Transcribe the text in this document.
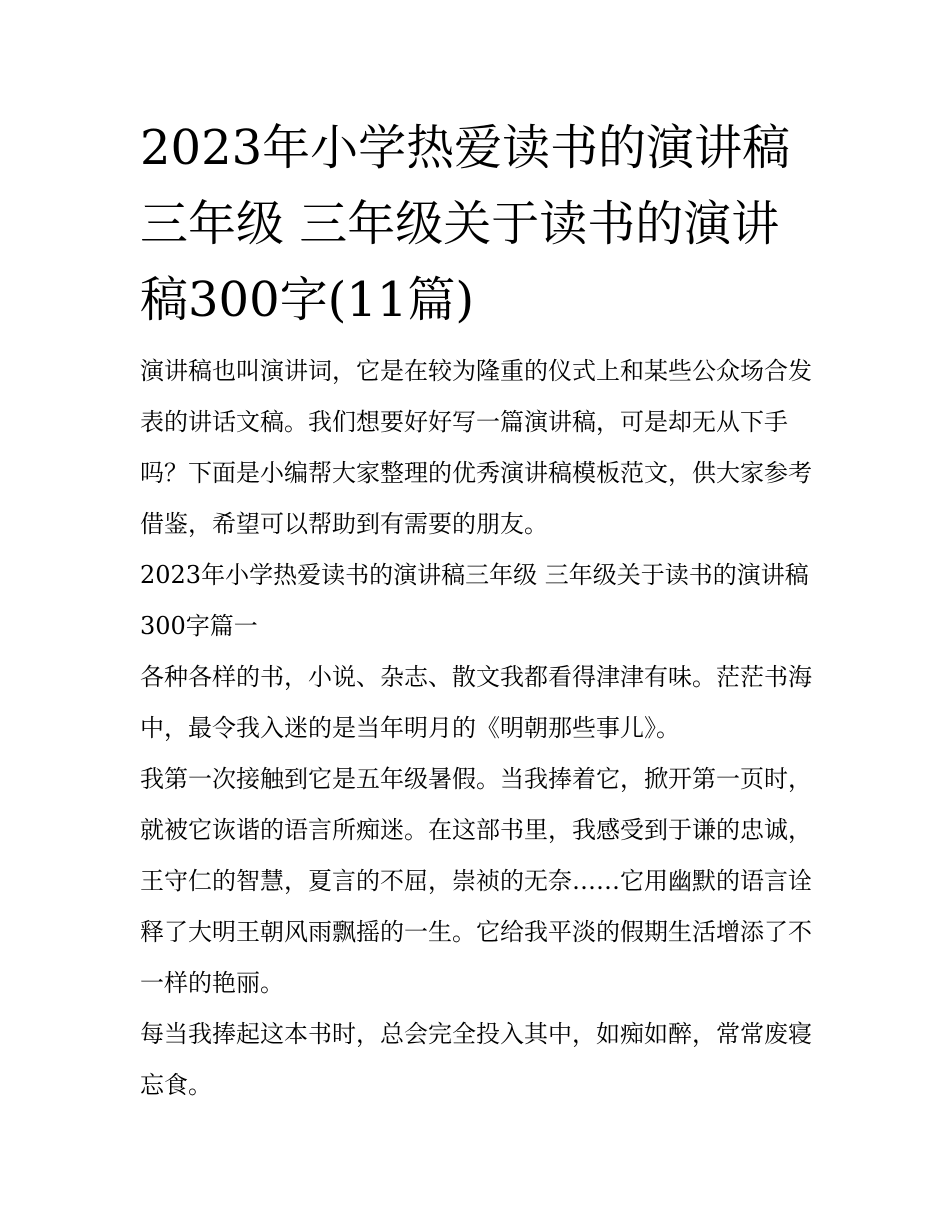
2023年小学热爱读书的演讲稿
三年级 三年级关于读书的演讲
稿300字(11篇)

演讲稿也叫演讲词，它是在较为隆重的仪式上和某些公众场合发表的讲话文稿。我们想要好好写一篇演讲稿，可是却无从下手吗？下面是小编帮大家整理的优秀演讲稿模板范文，供大家参考借鉴，希望可以帮助到有需要的朋友。

2023年小学热爱读书的演讲稿三年级 三年级关于读书的演讲稿300字篇一

各种各样的书，小说、杂志、散文我都看得津津有味。茫茫书海中，最令我入迷的是当年明月的《明朝那些事儿》。

我第一次接触到它是五年级暑假。当我捧着它，掀开第一页时，就被它诙谐的语言所痴迷。在这部书里，我感受到于谦的忠诚，王守仁的智慧，夏言的不屈，崇祯的无奈……它用幽默的语言诠释了大明王朝风雨飘摇的一生。它给我平淡的假期生活增添了不一样的艳丽。

每当我捧起这本书时，总会完全投入其中，如痴如醉，常常废寝忘食。
